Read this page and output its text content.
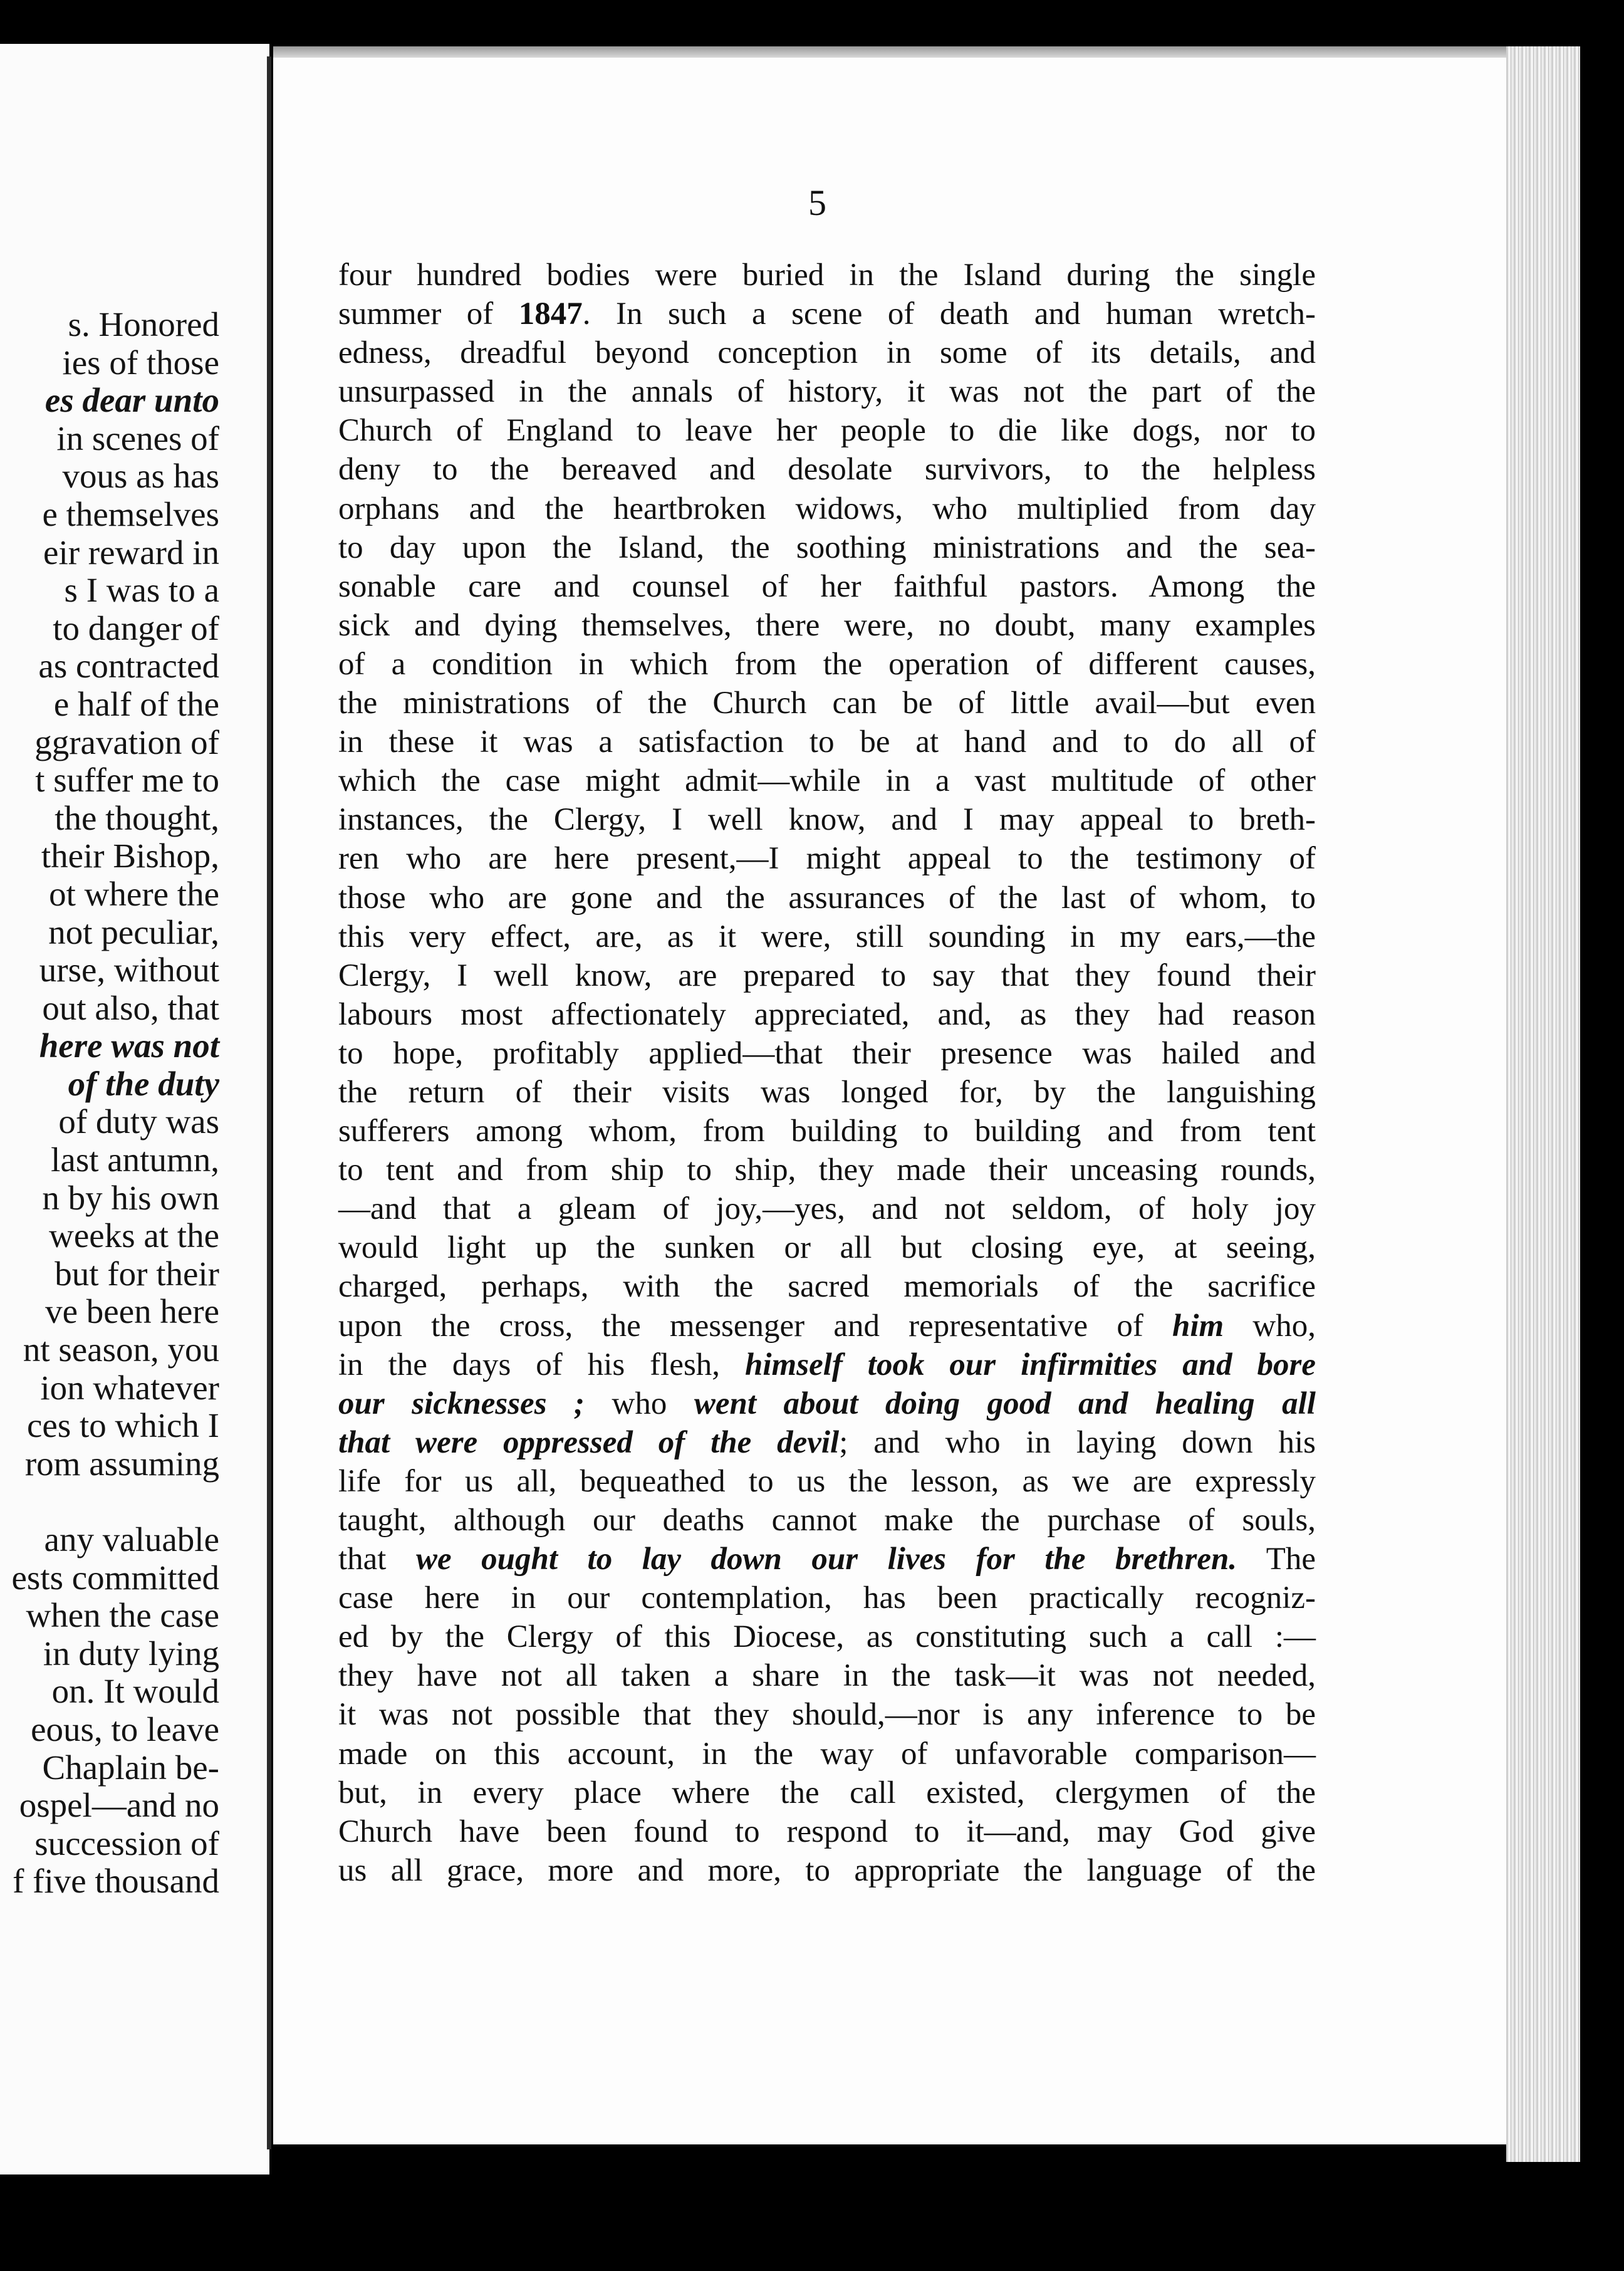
s. Honored
ies of those
es dear unto
in scenes of
vous as has
e themselves
eir reward in
s I was to a
to danger of
as contracted
e half of the
ggravation of
t suffer me to
the thought,
their Bishop,
ot where the
not peculiar,
urse, without
out also, that
here was not
of the duty
of duty was
last antumn,
n by his own
weeks at the
but for their
ve been here
nt season, you
ion whatever
ces to which I
rom assuming

any valuable
ests committed
when the case
in duty lying
on. It would
eous, to leave
Chaplain be-
ospel—and no
succession of
f five thousand
5
four hundred bodies were buried in the Island during the single
summer of 1847. In such a scene of death and human wretch-
edness, dreadful beyond conception in some of its details, and
unsurpassed in the annals of history, it was not the part of the
Church of England to leave her people to die like dogs, nor to
deny to the bereaved and desolate survivors, to the helpless
orphans and the heartbroken widows, who multiplied from day
to day upon the Island, the soothing ministrations and the sea-
sonable care and counsel of her faithful pastors. Among the
sick and dying themselves, there were, no doubt, many examples
of a condition in which from the operation of different causes,
the ministrations of the Church can be of little avail—but even
in these it was a satisfaction to be at hand and to do all of
which the case might admit—while in a vast multitude of other
instances, the Clergy, I well know, and I may appeal to breth-
ren who are here present,—I might appeal to the testimony of
those who are gone and the assurances of the last of whom, to
this very effect, are, as it were, still sounding in my ears,—the
Clergy, I well know, are prepared to say that they found their
labours most affectionately appreciated, and, as they had reason
to hope, profitably applied—that their presence was hailed and
the return of their visits was longed for, by the languishing
sufferers among whom, from building to building and from tent
to tent and from ship to ship, they made their unceasing rounds,
—and that a gleam of joy,—yes, and not seldom, of holy joy
would light up the sunken or all but closing eye, at seeing,
charged, perhaps, with the sacred memorials of the sacrifice
upon the cross, the messenger and representative of him who,
in the days of his flesh, himself took our infirmities and bore
our sicknesses ; who went about doing good and healing all
that were oppressed of the devil; and who in laying down his
life for us all, bequeathed to us the lesson, as we are expressly
taught, although our deaths cannot make the purchase of souls,
that we ought to lay down our lives for the brethren. The
case here in our contemplation, has been practically recogniz-
ed by the Clergy of this Diocese, as constituting such a call :—
they have not all taken a share in the task—it was not needed,
it was not possible that they should,—nor is any inference to be
made on this account, in the way of unfavorable comparison—
but, in every place where the call existed, clergymen of the
Church have been found to respond to it—and, may God give
us all grace, more and more, to appropriate the language of the
